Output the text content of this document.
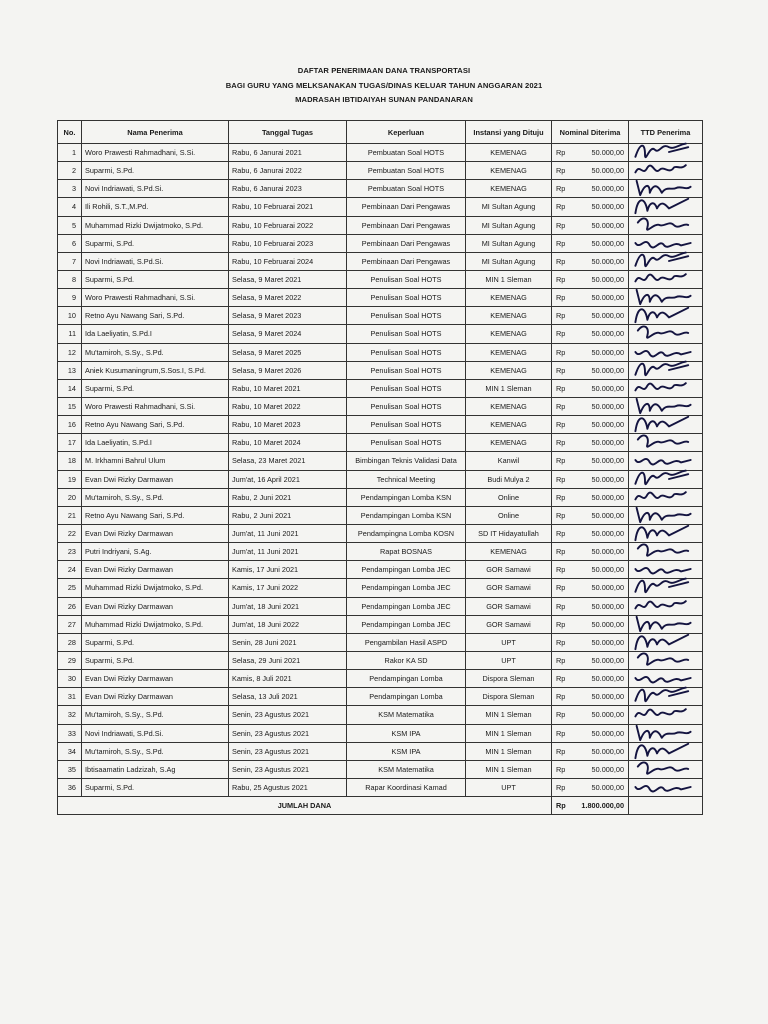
DAFTAR PENERIMAAN DANA TRANSPORTASI
BAGI GURU YANG MELKSANAKAN TUGAS/DINAS KELUAR TAHUN ANGGARAN 2021
MADRASAH IBTIDAIYAH SUNAN PANDANARAN
No.	Nama Penerima	Tanggal Tugas	Keperluan	Instansi yang Dituju	Nominal Diterima		TTD Penerima
1	Woro Prawesti Rahmadhani, S.Si.	Rabu, 6 Janurai 2021	Pembuatan Soal HOTS	KEMENAG	Rp	50.000,00	

2	Suparmi, S.Pd.	Rabu, 6 Janurai 2022	Pembuatan Soal HOTS	KEMENAG	Rp	50.000,00	

3	Novi Indriawati, S.Pd.Si.	Rabu, 6 Janurai 2023	Pembuatan Soal HOTS	KEMENAG	Rp	50.000,00	

4	Ili Rohili, S.T.,M.Pd.	Rabu, 10 Februarai 2021	Pembinaan Dari Pengawas	MI Sultan Agung	Rp	50.000,00	

5	Muhammad Rizki Dwijatmoko, S.Pd.	Rabu, 10 Februarai 2022	Pembinaan Dari Pengawas	MI Sultan Agung	Rp	50.000,00	

6	Suparmi, S.Pd.	Rabu, 10 Februarai 2023	Pembinaan Dari Pengawas	MI Sultan Agung	Rp	50.000,00	

7	Novi Indriawati, S.Pd.Si.	Rabu, 10 Februarai 2024	Pembinaan Dari Pengawas	MI Sultan Agung	Rp	50.000,00	

8	Suparmi, S.Pd.	Selasa, 9 Maret 2021	Penulisan Soal HOTS	MIN 1 Sleman	Rp	50.000,00	

9	Woro Prawesti Rahmadhani, S.Si.	Selasa, 9 Maret 2022	Penulisan Soal HOTS	KEMENAG	Rp	50.000,00	

10	Retno Ayu Nawang Sari, S.Pd.	Selasa, 9 Maret 2023	Penulisan Soal HOTS	KEMENAG	Rp	50.000,00	

11	Ida Laeliyatin, S.Pd.I	Selasa, 9 Maret 2024	Penulisan Soal HOTS	KEMENAG	Rp	50.000,00	

12	Mu'tamiroh, S.Sy., S.Pd.	Selasa, 9 Maret 2025	Penulisan Soal HOTS	KEMENAG	Rp	50.000,00	

13	Aniek Kusumaningrum,S.Sos.I, S.Pd.	Selasa, 9 Maret 2026	Penulisan Soal HOTS	KEMENAG	Rp	50.000,00	

14	Suparmi, S.Pd.	Rabu, 10 Maret 2021	Penulisan Soal HOTS	MIN 1 Sleman	Rp	50.000,00	

15	Woro Prawesti Rahmadhani, S.Si.	Rabu, 10 Maret 2022	Penulisan Soal HOTS	KEMENAG	Rp	50.000,00	

16	Retno Ayu Nawang Sari, S.Pd.	Rabu, 10 Maret 2023	Penulisan Soal HOTS	KEMENAG	Rp	50.000,00	

17	Ida Laeliyatin, S.Pd.I	Rabu, 10 Maret 2024	Penulisan Soal HOTS	KEMENAG	Rp	50.000,00	

18	M. Irkhamni Bahrul Ulum	Selasa, 23 Maret 2021	Bimbingan Teknis Validasi Data	Kanwil	Rp	50.000,00	

19	Evan Dwi Rizky Darmawan	Jum'at, 16 April 2021	Technical Meeting	Budi Mulya 2	Rp	50.000,00	

20	Mu'tamiroh, S.Sy., S.Pd.	Rabu, 2 Juni 2021	Pendampingan Lomba KSN	Online	Rp	50.000,00	

21	Retno Ayu Nawang Sari, S.Pd.	Rabu, 2 Juni 2021	Pendampingan Lomba KSN	Online	Rp	50.000,00	

22	Evan Dwi Rizky Darmawan	Jum'at, 11 Juni 2021	Pendampingna Lomba KOSN	SD IT Hidayatullah	Rp	50.000,00	

23	Putri Indriyani, S.Ag.	Jum'at, 11 Juni 2021	Rapat BOSNAS	KEMENAG	Rp	50.000,00	

24	Evan Dwi Rizky Darmawan	Kamis, 17 Juni 2021	Pendampingan Lomba JEC	GOR Samawi	Rp	50.000,00	

25	Muhammad Rizki Dwijatmoko, S.Pd.	Kamis, 17 Juni 2022	Pendampingan Lomba JEC	GOR Samawi	Rp	50.000,00	

26	Evan Dwi Rizky Darmawan	Jum'at, 18 Juni 2021	Pendampingan Lomba JEC	GOR Samawi	Rp	50.000,00	

27	Muhammad Rizki Dwijatmoko, S.Pd.	Jum'at, 18 Juni 2022	Pendampingan Lomba JEC	GOR Samawi	Rp	50.000,00	

28	Suparmi, S.Pd.	Senin, 28 Juni 2021	Pengambilan Hasil ASPD	UPT	Rp	50.000,00	

29	Suparmi, S.Pd.	Selasa, 29 Juni 2021	Rakor KA SD	UPT	Rp	50.000,00	

30	Evan Dwi Rizky Darmawan	Kamis, 8 Juli 2021	Pendampingan Lomba	Dispora Sleman	Rp	50.000,00	

31	Evan Dwi Rizky Darmawan	Selasa, 13 Juli 2021	Pendampingan Lomba	Dispora Sleman	Rp	50.000,00	

32	Mu'tamiroh, S.Sy., S.Pd.	Senin, 23 Agustus 2021	KSM Matematika	MIN 1 Sleman	Rp	50.000,00	

33	Novi Indriawati, S.Pd.Si.	Senin, 23 Agustus 2021	KSM IPA	MIN 1 Sleman	Rp	50.000,00	

34	Mu'tamiroh, S.Sy., S.Pd.	Senin, 23 Agustus 2021	KSM IPA	MIN 1 Sleman	Rp	50.000,00	

35	Ibtisaamatin Ladzizah, S.Ag	Senin, 23 Agustus 2021	KSM Matematika	MIN 1 Sleman	Rp	50.000,00	

36	Suparmi, S.Pd.	Rabu, 25 Agustus 2021	Rapar Koordinasi Kamad	UPT	Rp	50.000,00	

JUMLAH DANA					Rp	1.800.000,00	
